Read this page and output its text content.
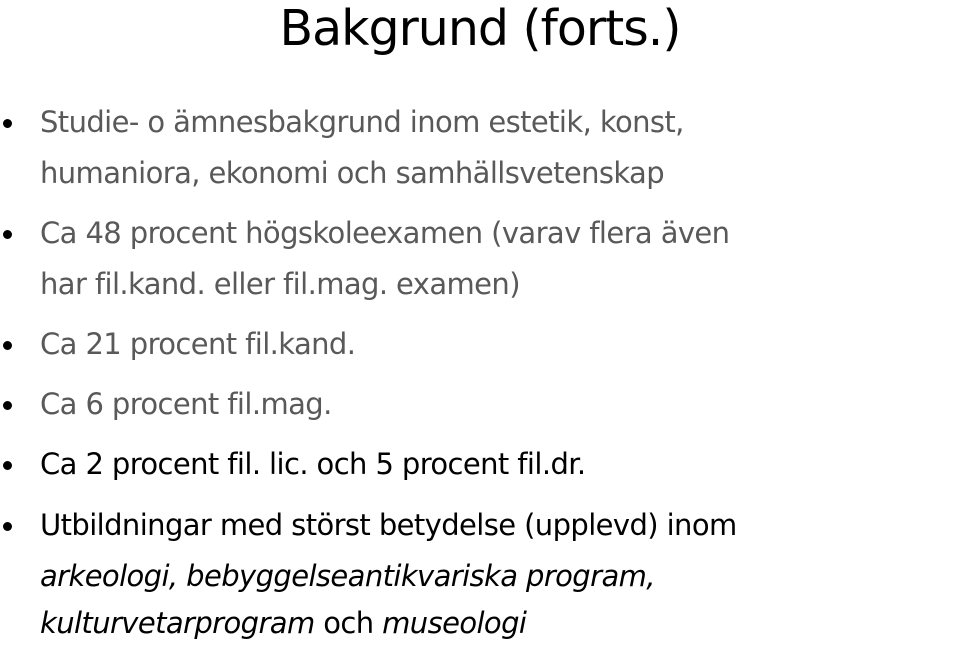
Bakgrund (forts.)
Studie- o ämnesbakgrund inom estetik, konst,
humaniora, ekonomi och samhällsvetenskap
Ca 48 procent högskoleexamen (varav flera även
har fil.kand. eller fil.mag. examen)
Ca 21 procent fil.kand.
Ca 6 procent fil.mag.
Ca 2 procent fil. lic. och 5 procent fil.dr.
Utbildningar med störst betydelse (upplevd) inom
arkeologi, bebyggelseantikvariska program,
kulturvetarprogram och museologi
